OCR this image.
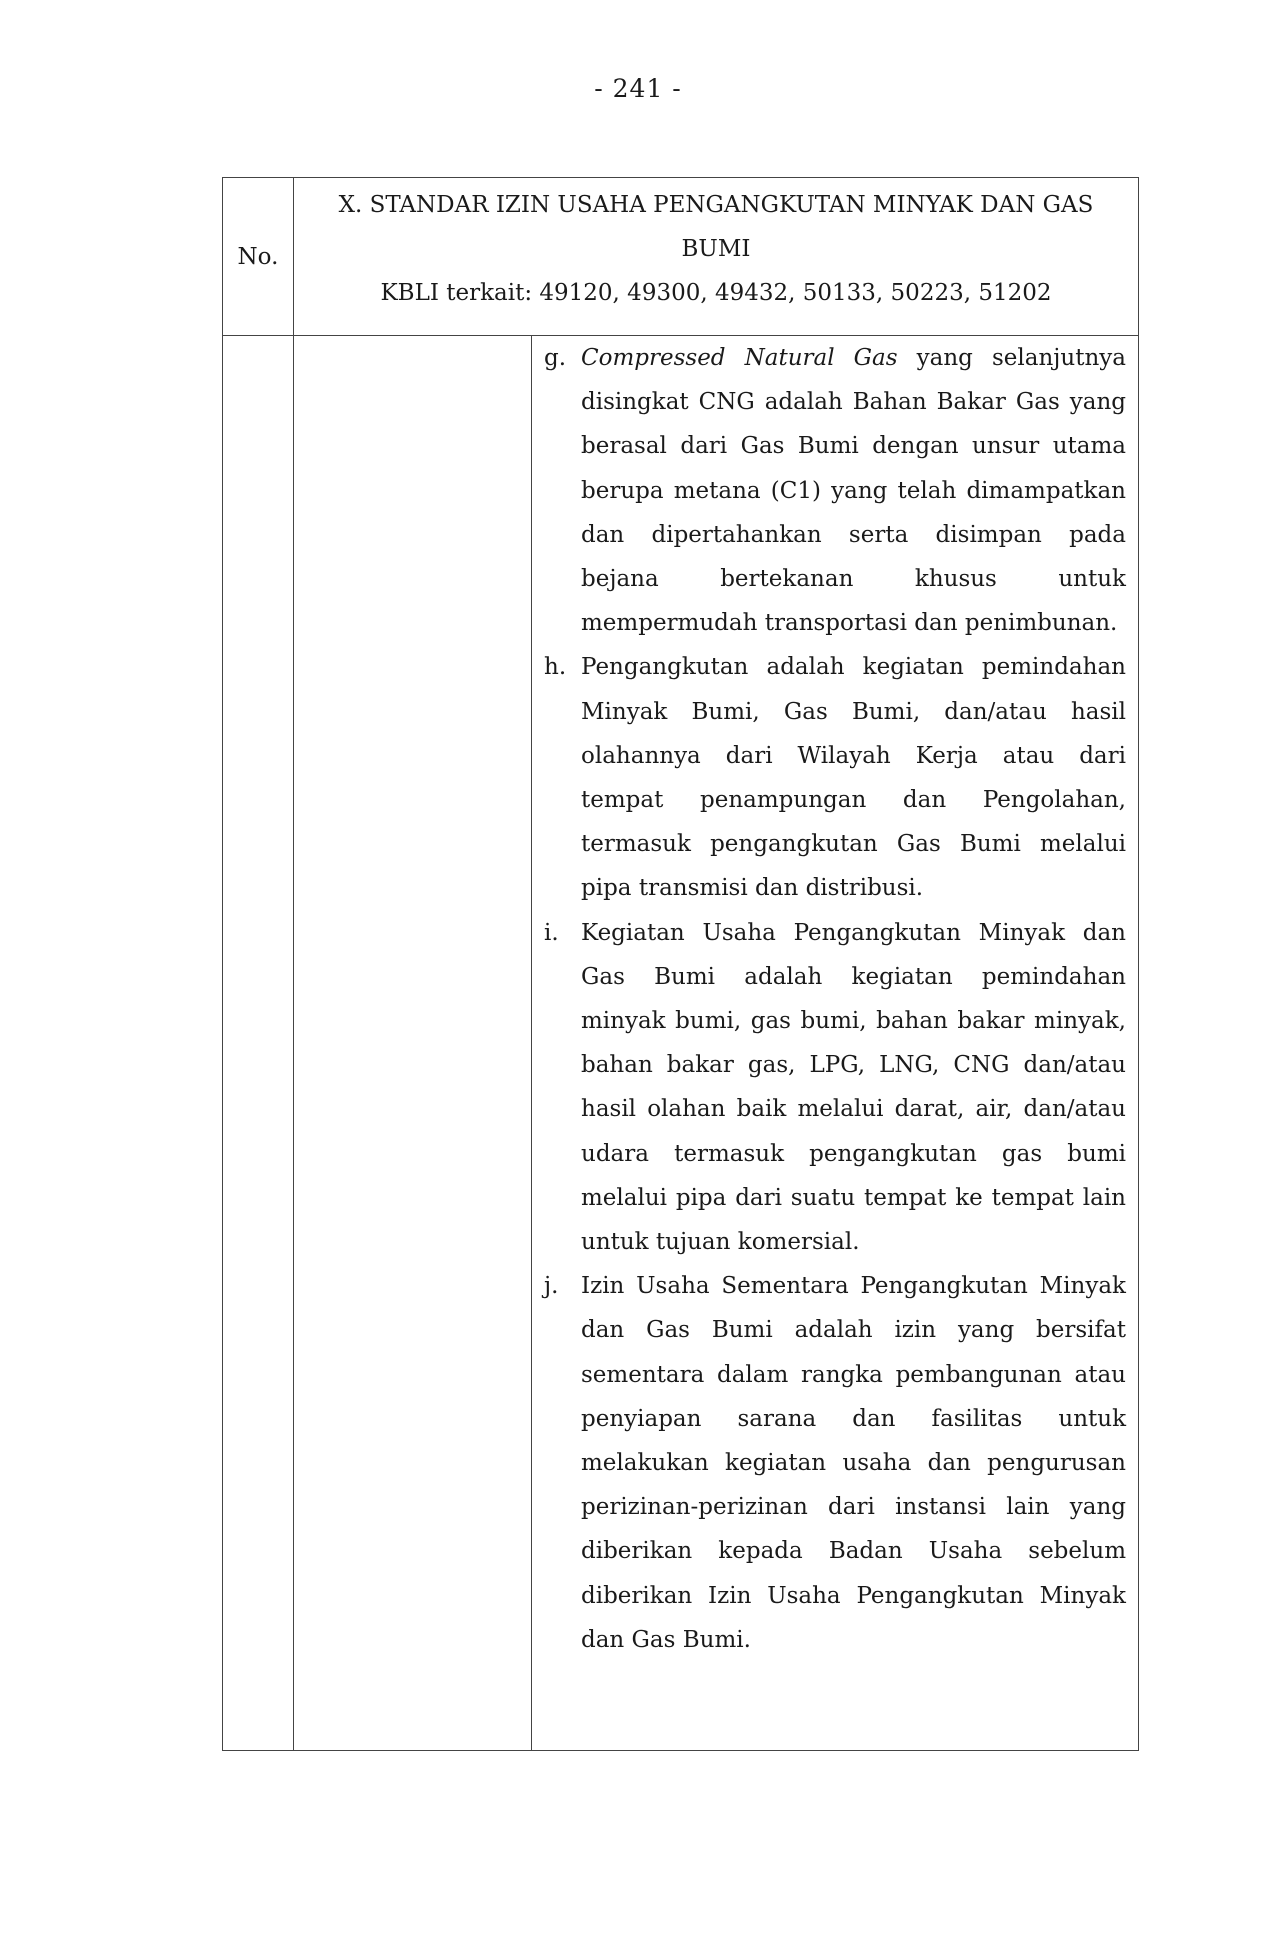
- 241 -
No.
X. STANDAR IZIN USAHA PENGANGKUTAN MINYAK DAN GAS
BUMI
KBLI terkait: 49120, 49300, 49432, 50133, 50223, 51202
g. Compressed Natural Gas yang selanjutnya disingkat CNG adalah Bahan Bakar Gas yang berasal dari Gas Bumi dengan unsur utama berupa metana (C1) yang telah dimampatkan dan dipertahankan serta disimpan pada bejana bertekanan khusus untuk mempermudah transportasi dan penimbunan.
h. Pengangkutan adalah kegiatan pemindahan Minyak Bumi, Gas Bumi, dan/atau hasil olahannya dari Wilayah Kerja atau dari tempat penampungan dan Pengolahan, termasuk pengangkutan Gas Bumi melalui pipa transmisi dan distribusi.
i. Kegiatan Usaha Pengangkutan Minyak dan Gas Bumi adalah kegiatan pemindahan minyak bumi, gas bumi, bahan bakar minyak, bahan bakar gas, LPG, LNG, CNG dan/atau hasil olahan baik melalui darat, air, dan/atau udara termasuk pengangkutan gas bumi melalui pipa dari suatu tempat ke tempat lain untuk tujuan komersial.
j. Izin Usaha Sementara Pengangkutan Minyak dan Gas Bumi adalah izin yang bersifat sementara dalam rangka pembangunan atau penyiapan sarana dan fasilitas untuk melakukan kegiatan usaha dan pengurusan perizinan-perizinan dari instansi lain yang diberikan kepada Badan Usaha sebelum diberikan Izin Usaha Pengangkutan Minyak dan Gas Bumi.
